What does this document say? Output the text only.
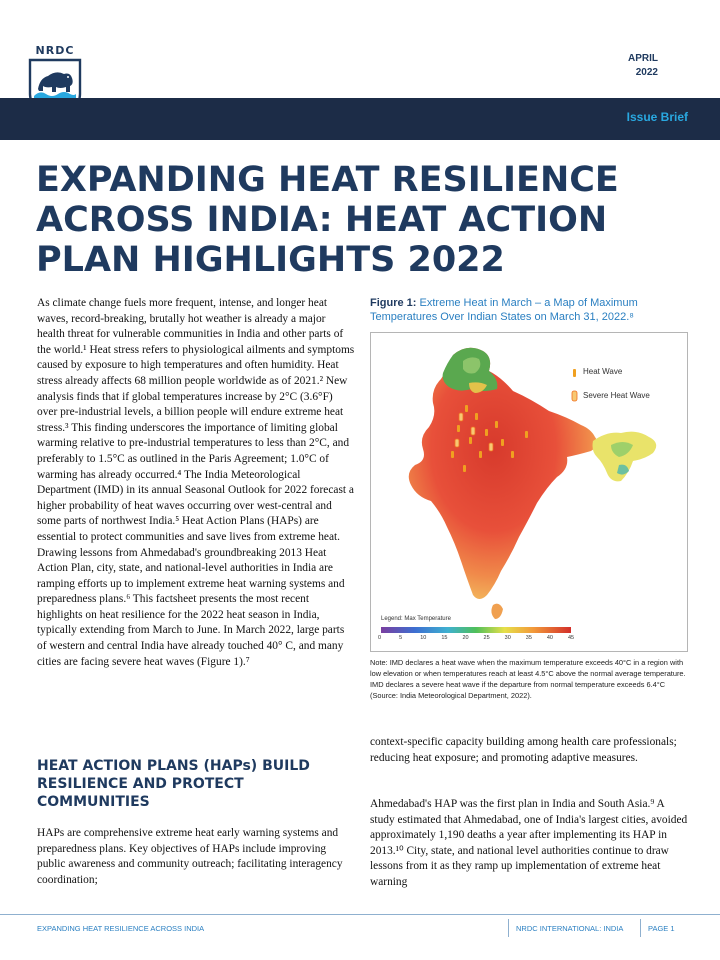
NRDC
APRIL
2022
Issue Brief
EXPANDING HEAT RESILIENCE ACROSS INDIA: HEAT ACTION PLAN HIGHLIGHTS 2022

As climate change fuels more frequent, intense, and longer heat waves, record-breaking, brutally hot weather is already a major health threat for vulnerable communities in India and other parts of the world.¹ Heat stress refers to physiological ailments and symptoms caused by exposure to high temperatures and often humidity. Heat stress already affects 68 million people worldwide as of 2021.² New analysis finds that if global temperatures increase by 2°C (3.6°F) over pre-industrial levels, a billion people will endure extreme heat stress.³ This finding underscores the importance of limiting global warming relative to pre-industrial temperatures to less than 2°C, and preferably to 1.5°C as outlined in the Paris Agreement; 1.0°C of warming has already occurred.⁴ The India Meteorological Department (IMD) in its annual Seasonal Outlook for 2022 forecast a higher probability of heat waves occurring over west-central and some parts of northwest India.⁵ Heat Action Plans (HAPs) are essential to protect communities and save lives from extreme heat. Drawing lessons from Ahmedabad's groundbreaking 2013 Heat Action Plan, city, state, and national-level authorities in India are ramping efforts up to implement extreme heat warning systems and preparedness plans.⁶ This factsheet presents the most recent highlights on heat resilience for the 2022 heat season in India, typically extending from March to June. In March 2022, large parts of western and central India have already touched 40° C, and many cities are facing severe heat waves (Figure 1).⁷

HEAT ACTION PLANS (HAPs) BUILD RESILIENCE AND PROTECT COMMUNITIES

HAPs are comprehensive extreme heat early warning systems and preparedness plans. Key objectives of HAPs include improving public awareness and community outreach; facilitating interagency coordination;

Figure 1: Extreme Heat in March – a Map of Maximum Temperatures Over Indian States on March 31, 2022.⁸

Heat Wave
Severe Heat Wave
Legend: Max Temperature
0	5	10	15	20	25	30	35	40	45

Note: IMD declares a heat wave when the maximum temperature exceeds 40°C in a region with low elevation or when temperatures reach at least 4.5°C above the normal average temperature. IMD declares a severe heat wave if the departure from normal temperature exceeds 6.4°C (Source: India Meteorological Department, 2022).

context-specific capacity building among health care professionals; reducing heat exposure; and promoting adaptive measures.

Ahmedabad's HAP was the first plan in India and South Asia.⁹ A study estimated that Ahmedabad, one of India's largest cities, avoided approximately 1,190 deaths a year after implementing its HAP in 2013.¹⁰ City, state, and national level authorities continue to draw lessons from it as they ramp up implementation of extreme heat warning

EXPANDING HEAT RESILIENCE ACROSS INDIA	NRDC INTERNATIONAL: INDIA	PAGE 1
